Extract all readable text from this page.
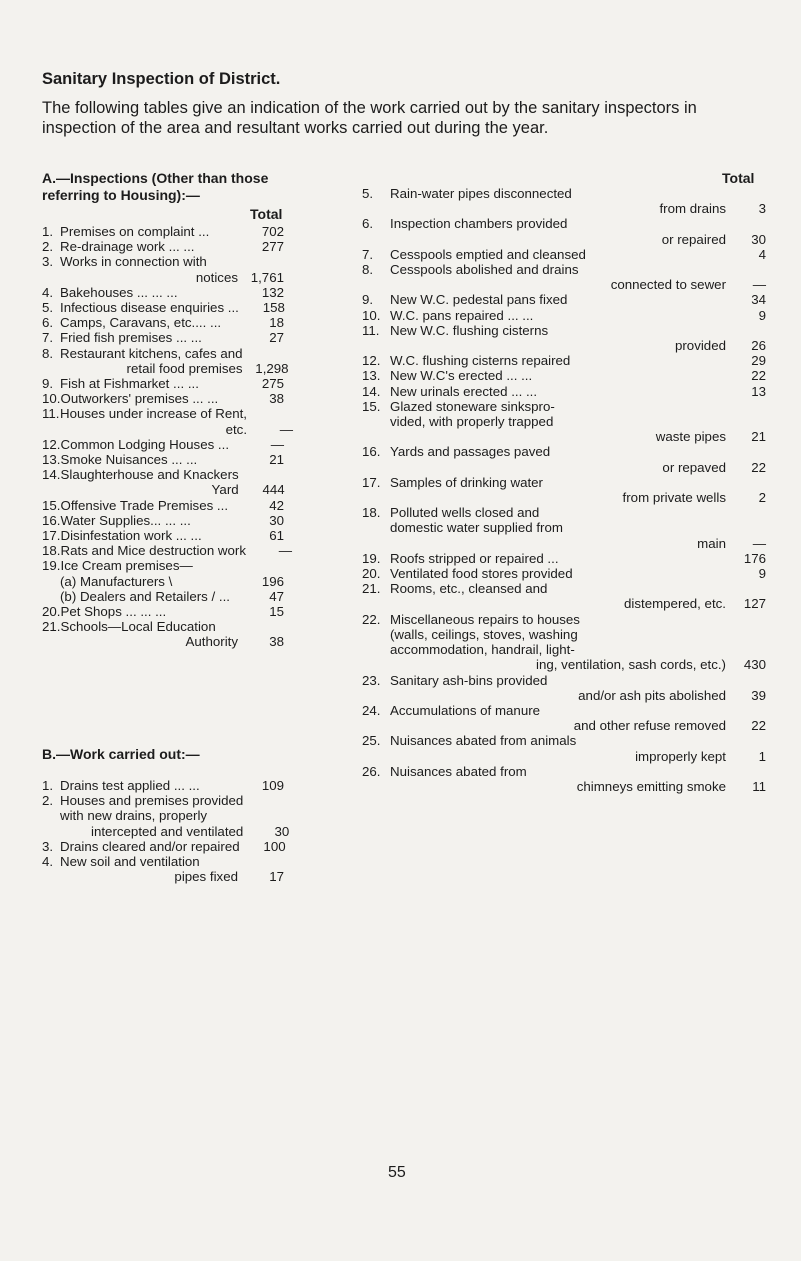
Sanitary Inspection of District.
The following tables give an indication of the work carried out by the sanitary inspectors in inspection of the area and resultant works carried out during the year.
A.—Inspections (Other than those
referring to Housing):—
Total
Total
1. Premises on complaint ...	702
2. Re-drainage work ... ...	277
3. Works in connection with
notices 1,761
4. Bakehouses ... ... ...	132
5. Infectious disease enquiries ...	158
6. Camps, Caravans, etc.... ...	18
7. Fried fish premises ... ...	27
8. Restaurant kitchens, cafes and
retail food premises 1,298
9. Fish at Fishmarket ... ...	275
10. Outworkers' premises ... ...	38
11. Houses under increase of Rent,
etc.	—
12. Common Lodging Houses ...	—
13. Smoke Nuisances ... ...	21
14. Slaughterhouse and Knackers
Yard	444
15. Offensive Trade Premises ...	42
16. Water Supplies... ... ...	30
17. Disinfestation work ... ...	61
18. Rats and Mice destruction work	—
19. Ice Cream premises—
(a) Manufacturers \	196
(b) Dealers and Retailers / ...	47
20. Pet Shops ... ... ...	15
21. Schools—Local Education
Authority	38
1. Drains test applied ... ...	109
2. Houses and premises provided
with new drains, properly
intercepted and ventilated	30
3. Drains cleared and/or repaired	100
4. New soil and ventilation
pipes fixed	17
B.—Work carried out:—
5.	Rain-water pipes disconnected
from drains	3
6.	Inspection chambers provided
or repaired	30
7.	Cesspools emptied and cleansed	4
8.	Cesspools abolished and drains
connected to sewer	—
9.	New W.C. pedestal pans fixed	34
10. W.C. pans repaired ... ...	9
11. New W.C. flushing cisterns
provided	26
12. W.C. flushing cisterns repaired	29
13. New W.C's erected ... ...	22
14. New urinals erected ... ...	13
15. Glazed stoneware sinkspro-
vided, with properly trapped
waste pipes	21
16. Yards and passages paved
or repaved	22
17. Samples of drinking water
from private wells	2
18. Polluted wells closed and
domestic water supplied from
main	—
19. Roofs stripped or repaired ...	176
20. Ventilated food stores provided	9
21. Rooms, etc., cleansed and
distempered, etc.	127
22. Miscellaneous repairs to houses
(walls, ceilings, stoves, washing
accommodation, handrail, light-
ing, ventilation, sash cords, etc.)	430
23. Sanitary ash-bins provided
and/or ash pits abolished	39
24. Accumulations of manure
and other refuse removed	22
25. Nuisances abated from animals
improperly kept	1
26. Nuisances abated from
chimneys emitting smoke	11
55
